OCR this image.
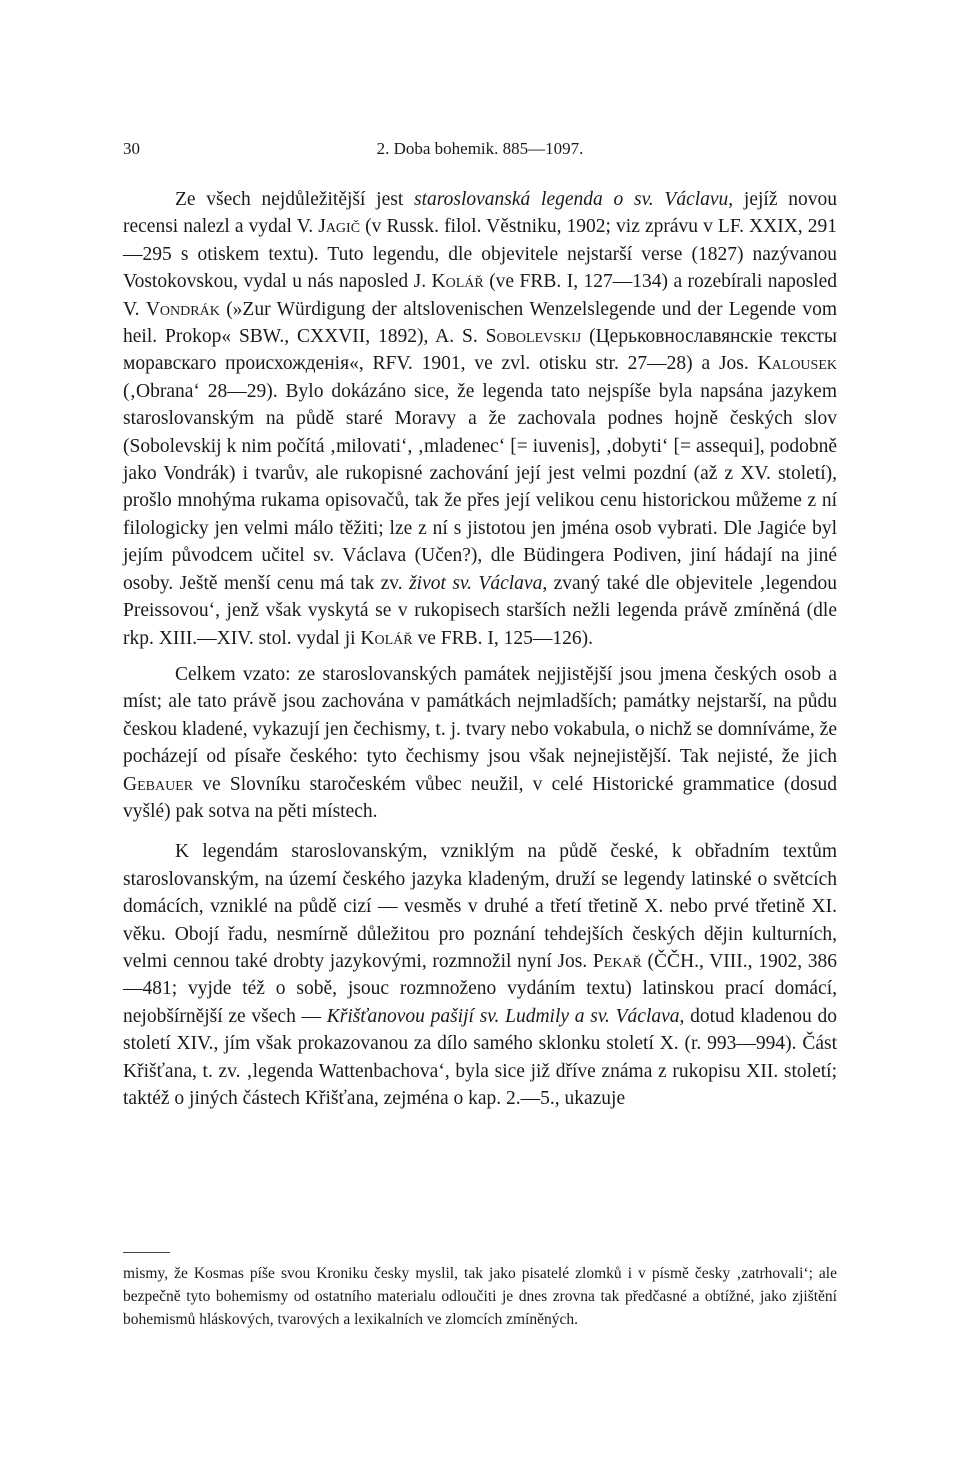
30	2. Doba bohemik. 885—1097.

Ze všech nejdůležitější jest staroslovanská legenda o sv. Václavu, jejíž novou recensi nalezl a vydal V. Jagič (v Russk. filol. Věstniku, 1902; viz zprávu v LF. XXIX, 291—295 s otiskem textu). Tuto legendu, dle objevitele nejstarší verse (1827) nazývanou Vostokovskou, vydal u nás naposled J. Kolář (ve FRB. I, 127—134) a rozebírali naposled V. Vondrák (»Zur Würdigung der altslovenischen Wenzelslegende und der Legende vom heil. Prokop« SBW., CXXVII, 1892), A. S. Sobolevskij (Церьковнославянскіе тексты моравскаго происхожденія«, RFV. 1901, ve zvl. otisku str. 27—28) a Jos. Kalousek (‚Obrana‘ 28—29). Bylo dokázáno sice, že legenda tato nejspíše byla napsána jazykem staroslovanským na půdě staré Moravy a že zachovala podnes hojně českých slov (Sobolevskij k nim počítá ‚milovati‘, ‚mladenec‘ [= iuvenis], ‚dobyti‘ [= assequi], podobně jako Vondrák) i tvarův, ale rukopisné zachování její jest velmi pozdní (až z XV. století), prošlo mnohýma rukama opisovačů, tak že přes její velikou cenu historickou můžeme z ní filologicky jen velmi málo těžiti; lze z ní s jistotou jen jména osob vybrati. Dle Jagiće byl jejím původcem učitel sv. Václava (Učen?), dle Büdingera Podiven, jiní hádají na jiné osoby. Ještě menší cenu má tak zv. život sv. Václava, zvaný také dle objevitele ‚legendou Preissovou‘, jenž však vyskytá se v rukopisech starších nežli legenda právě zmíněná (dle rkp. XIII.—XIV. stol. vydal ji Kolář ve FRB. I, 125—126).

Celkem vzato: ze staroslovanských památek nejjistější jsou jmena českých osob a míst; ale tato právě jsou zachována v památkách nejmladších; památky nejstarší, na půdu českou kladené, vykazují jen čechismy, t. j. tvary nebo vokabula, o nichž se domníváme, že pocházejí od písaře českého: tyto čechismy jsou však nejnejistější. Tak nejisté, že jich Gebauer ve Slovníku staročeském vůbec neužil, v celé Historické grammatice (dosud vyšlé) pak sotva na pěti místech.

K legendám staroslovanským, vzniklým na půdě české, k obřadním textům staroslovanským, na území českého jazyka kladeným, druží se legendy latinské o světcích domácích, vzniklé na půdě cizí — vesměs v druhé a třetí třetině X. nebo prvé třetině XI. věku. Obojí řadu, nesmírně důležitou pro poznání tehdejších českých dějin kulturních, velmi cennou také drobty jazykovými, rozmnožil nyní Jos. Pekař (ČČH., VIII., 1902, 386—481; vyjde též o sobě, jsouc rozmnoženo vydáním textu) latinskou prací domácí, nejobšírnější ze všech — Křišťanovou pašijí sv. Ludmily a sv. Václava, dotud kladenou do století XIV., jím však prokazovanou za dílo samého sklonku století X. (r. 993—994). Část Křišťana, t. zv. ‚legenda Wattenbachova‘, byla sice již dříve známa z rukopisu XII. století; taktéž o jiných částech Křišťana, zejména o kap. 2.—5., ukazuje

mismy, že Kosmas píše svou Kroniku česky myslil, tak jako pisatelé zlomků i v písmě česky ‚zatrhovali‘; ale bezpečně tyto bohemismy od ostatního materialu odloučiti je dnes zrovna tak předčasné a obtížné, jako zjištění bohemismů hláskových, tvarových a lexikalních ve zlomcích zmíněných.
